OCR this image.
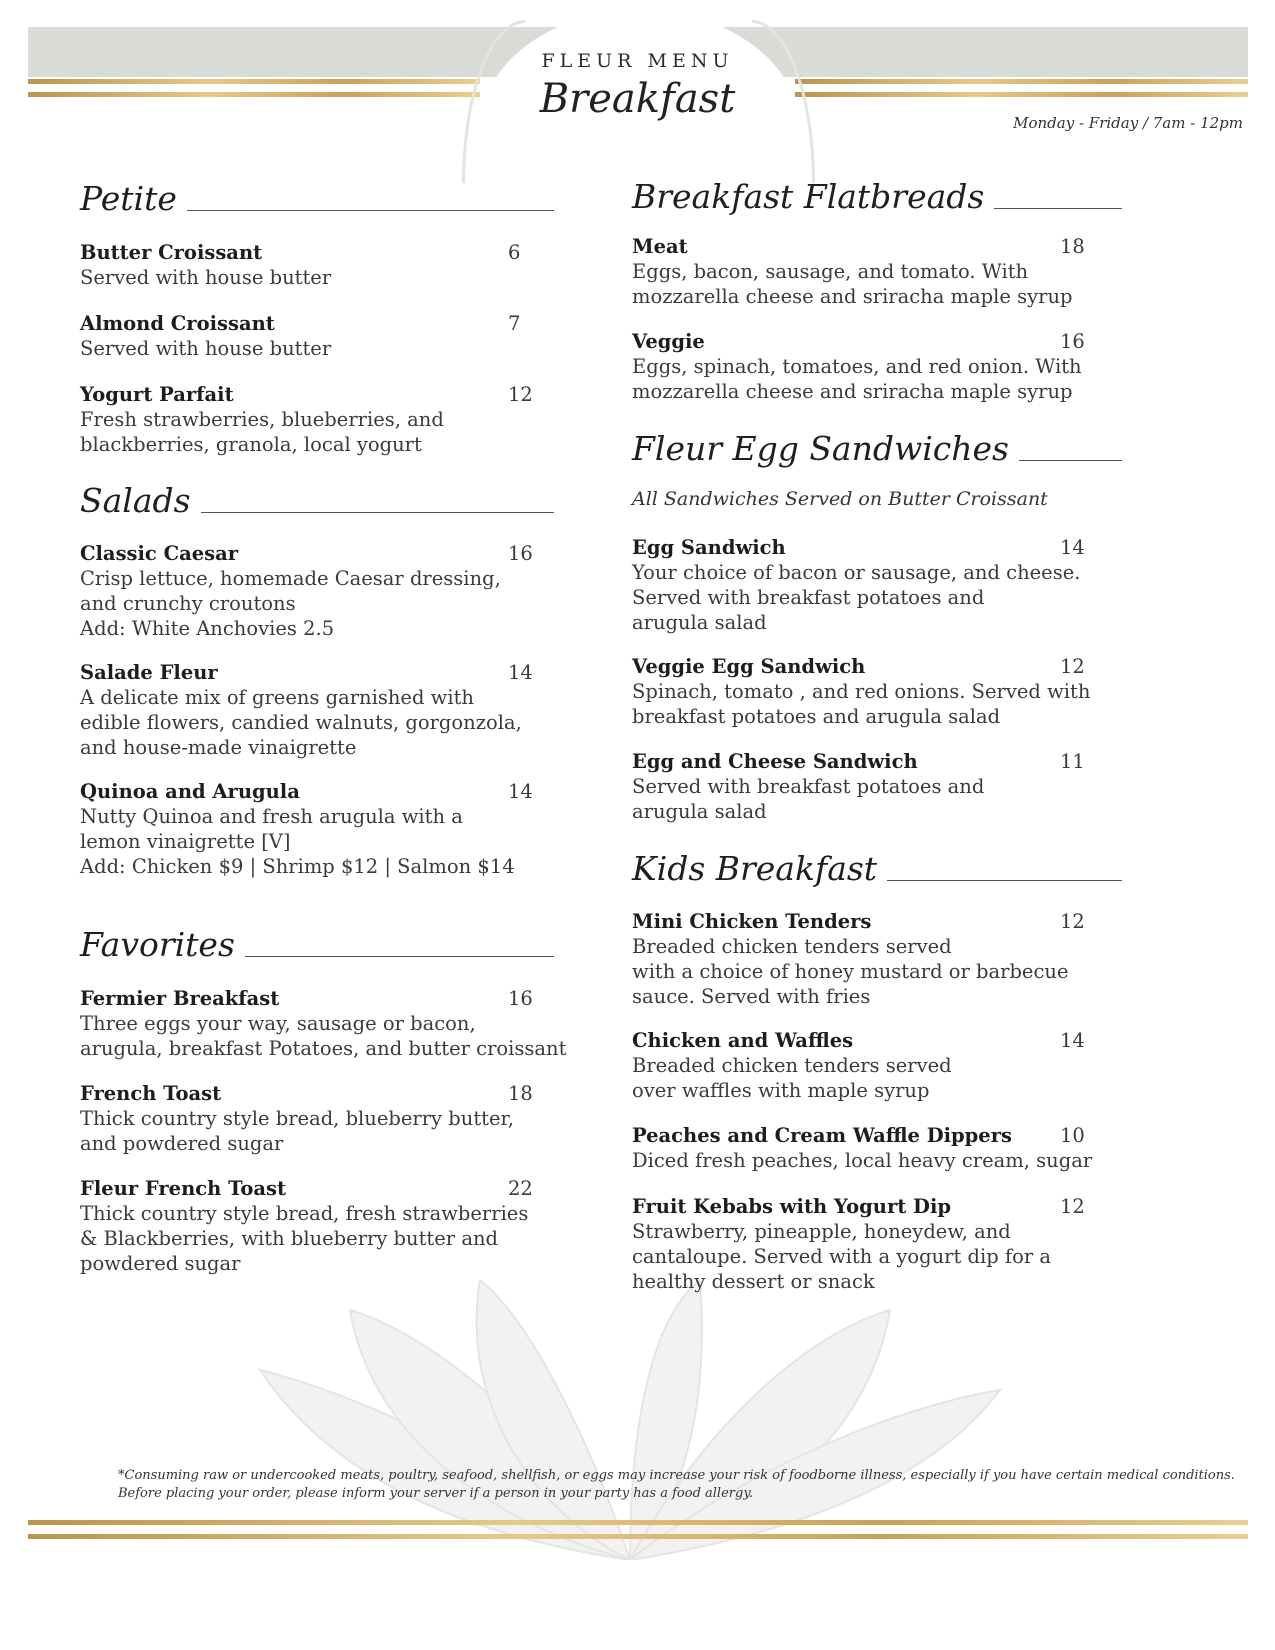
FLEUR MENU
Breakfast
Monday - Friday / 7am - 12pm
Petite
Butter Croissant
Served with house butter
6
Almond Croissant
Served with house butter
7
Yogurt Parfait
Fresh strawberries, blueberries, and
blackberries, granola, local yogurt
12
Salads
Classic Caesar
Crisp lettuce, homemade Caesar dressing,
and crunchy croutons
Add: White Anchovies 2.5
16
Salade Fleur
A delicate mix of greens garnished with
edible flowers, candied walnuts, gorgonzola,
and house-made vinaigrette
14
Quinoa and Arugula
Nutty Quinoa and fresh arugula with a
lemon vinaigrette [V]
Add: Chicken $9 | Shrimp $12 | Salmon $14
14
Favorites
Fermier Breakfast
Three eggs your way, sausage or bacon,
arugula, breakfast Potatoes, and butter croissant
16
French Toast
Thick country style bread, blueberry butter,
and powdered sugar
18
Fleur French Toast
Thick country style bread, fresh strawberries
& Blackberries, with blueberry butter and
powdered sugar
22
Breakfast Flatbreads
Meat
Eggs, bacon, sausage, and tomato. With
mozzarella cheese and sriracha maple syrup
18
Veggie
Eggs, spinach, tomatoes, and red onion. With
mozzarella cheese and sriracha maple syrup
16
Fleur Egg Sandwiches
All Sandwiches Served on Butter Croissant
Egg Sandwich
Your choice of bacon or sausage, and cheese.
Served with breakfast potatoes and
arugula salad
14
Veggie Egg Sandwich
Spinach, tomato , and red onions. Served with
breakfast potatoes and arugula salad
12
Egg and Cheese Sandwich
Served with breakfast potatoes and
arugula salad
11
Kids Breakfast
Mini Chicken Tenders
Breaded chicken tenders served
with a choice of honey mustard or barbecue
sauce. Served with fries
12
Chicken and Waffles
Breaded chicken tenders served
over waffles with maple syrup
14
Peaches and Cream Waffle Dippers
Diced fresh peaches, local heavy cream, sugar
10
Fruit Kebabs with Yogurt Dip
Strawberry, pineapple, honeydew, and
cantaloupe. Served with a yogurt dip for a
healthy dessert or snack
12
*Consuming raw or undercooked meats, poultry, seafood, shellfish, or eggs may increase your risk of foodborne illness, especially if you have certain medical conditions.
Before placing your order, please inform your server if a person in your party has a food allergy.
